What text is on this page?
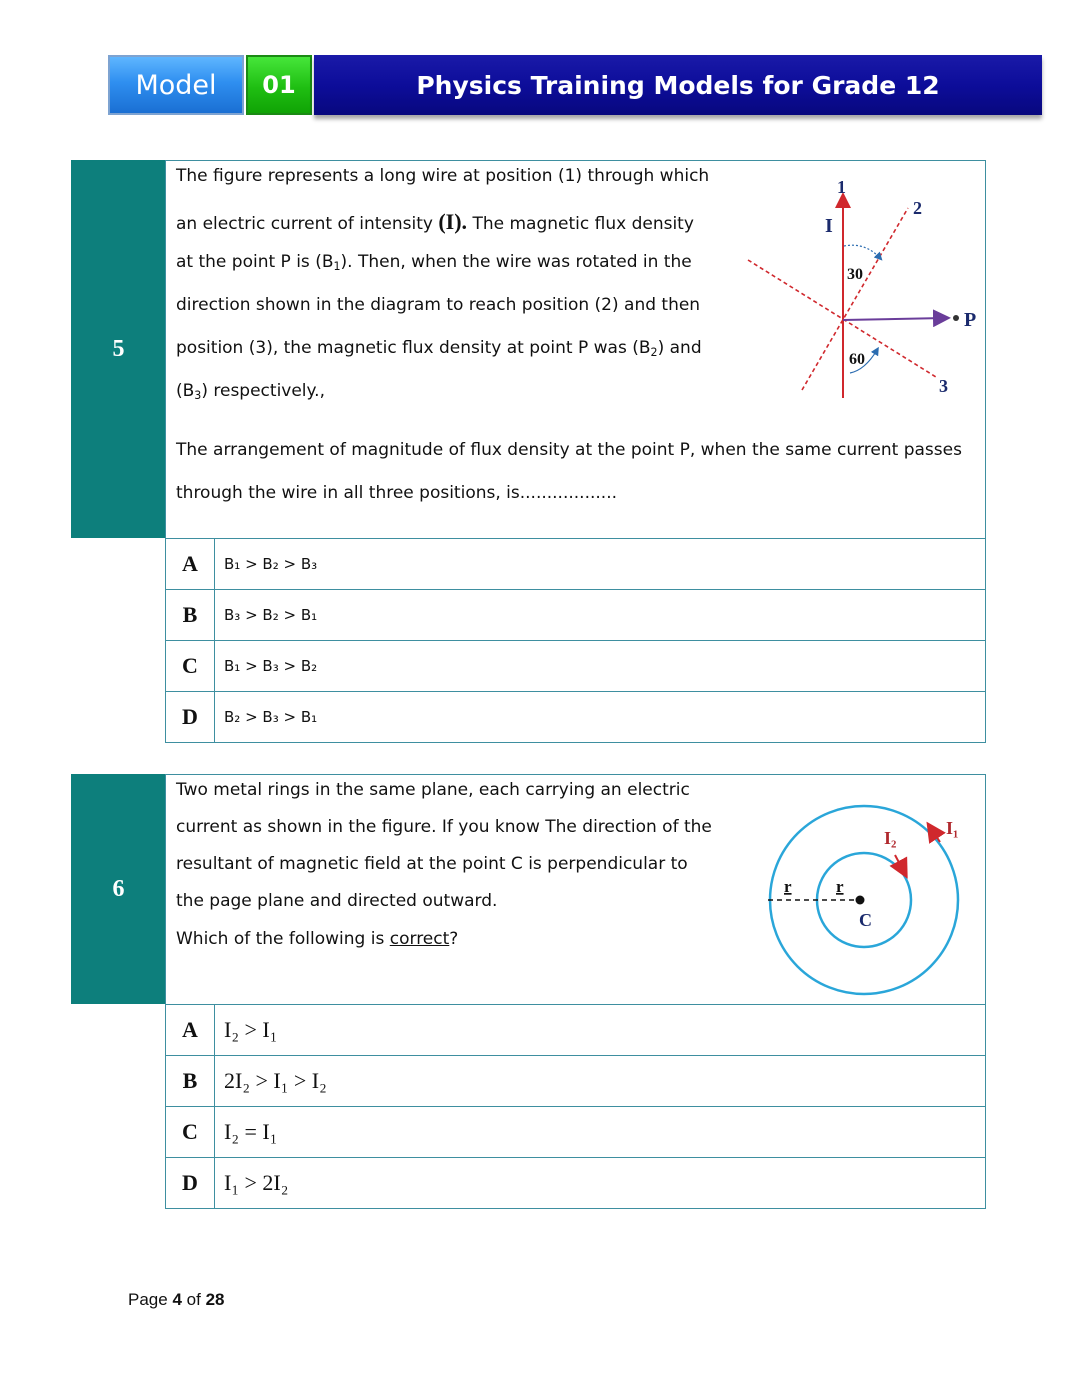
Model	01	Physics Training Models for Grade 12
5
The figure represents a long wire at position (1) through which
an electric current of intensity (I). The magnetic flux density
at the point P is $(B_1)$. Then, when the wire was rotated in the
direction shown in the diagram to reach position (2) and then
position (3), the magnetic flux density at point P was $(B_2)$ and
$(B_3)$ respectively.,
The arrangement of magnitude of flux density at the point P, when the same current passes
through the wire in all three positions, is..................
1
2
3
I
P
30
60
A	B₁ > B₂ > B₃
B	B₃ > B₂ > B₁
C	B₁ > B₃ > B₂
D	B₂ > B₃ > B₁
6
Two metal rings in the same plane, each carrying an electric
current as shown in the figure. If you know The direction of the
resultant of magnetic field at the point C is perpendicular to
the page plane and directed outward.
Which of the following is correct?
I₂	I₁
r	r
C
A	I₂ > I₁
B	2I₂ > I₁ > I₂
C	I₂ = I₁
D	I₁ > 2I₂
Page 4 of 28
